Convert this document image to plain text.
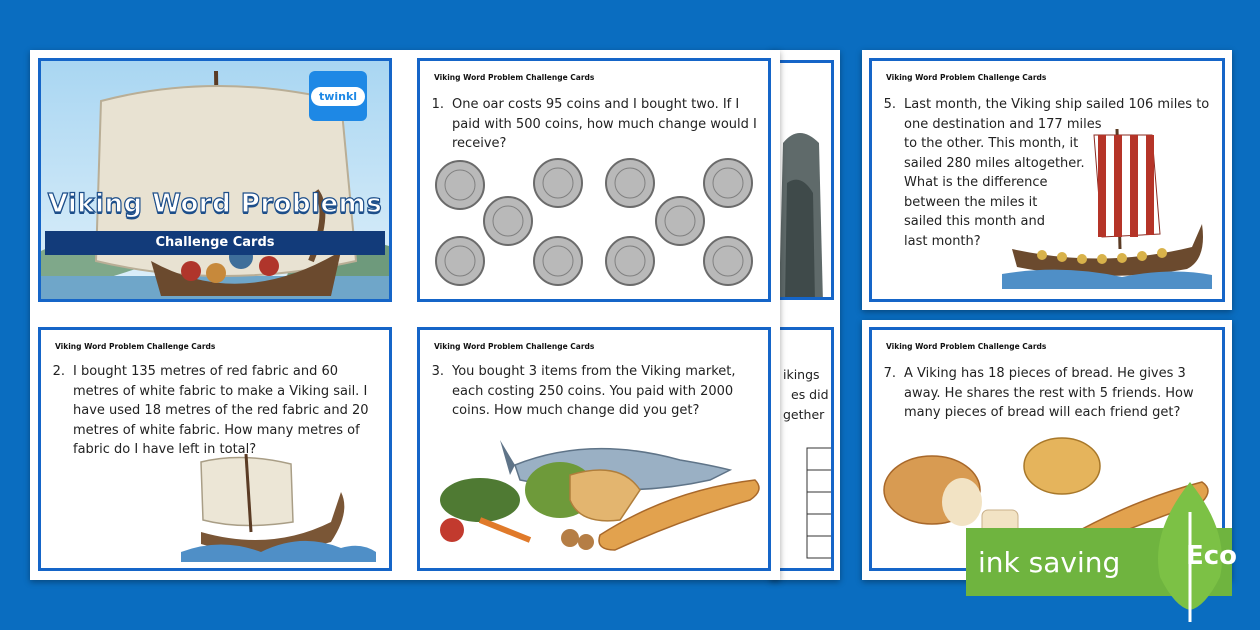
ikings
es did
gether
twinkl
Viking Word Problems
Challenge Cards
Viking Word Problem Challenge Cards
1. One oar costs 95 coins and I bought two. If I paid with 500 coins, how much change would I receive?
Viking Word Problem Challenge Cards
2. I bought 135 metres of red fabric and 60 metres of white fabric to make a Viking sail. I have used 18 metres of the red fabric and 20 metres of white fabric. How many metres of fabric do I have left in total?
Viking Word Problem Challenge Cards
3. You bought 3 items from the Viking market, each costing 250 coins. You paid with 2000 coins. How much change did you get?
Viking Word Problem Challenge Cards
5. Last month, the Viking ship sailed 106 miles to
one destination and 177 miles
to the other. This month, it
sailed 280 miles altogether.
What is the difference
between the miles it
sailed this month and
last month?
Viking Word Problem Challenge Cards
7. A Viking has 18 pieces of bread. He gives 3 away. He shares the rest with 5 friends. How many pieces of bread will each friend get?
ink saving	Eco
